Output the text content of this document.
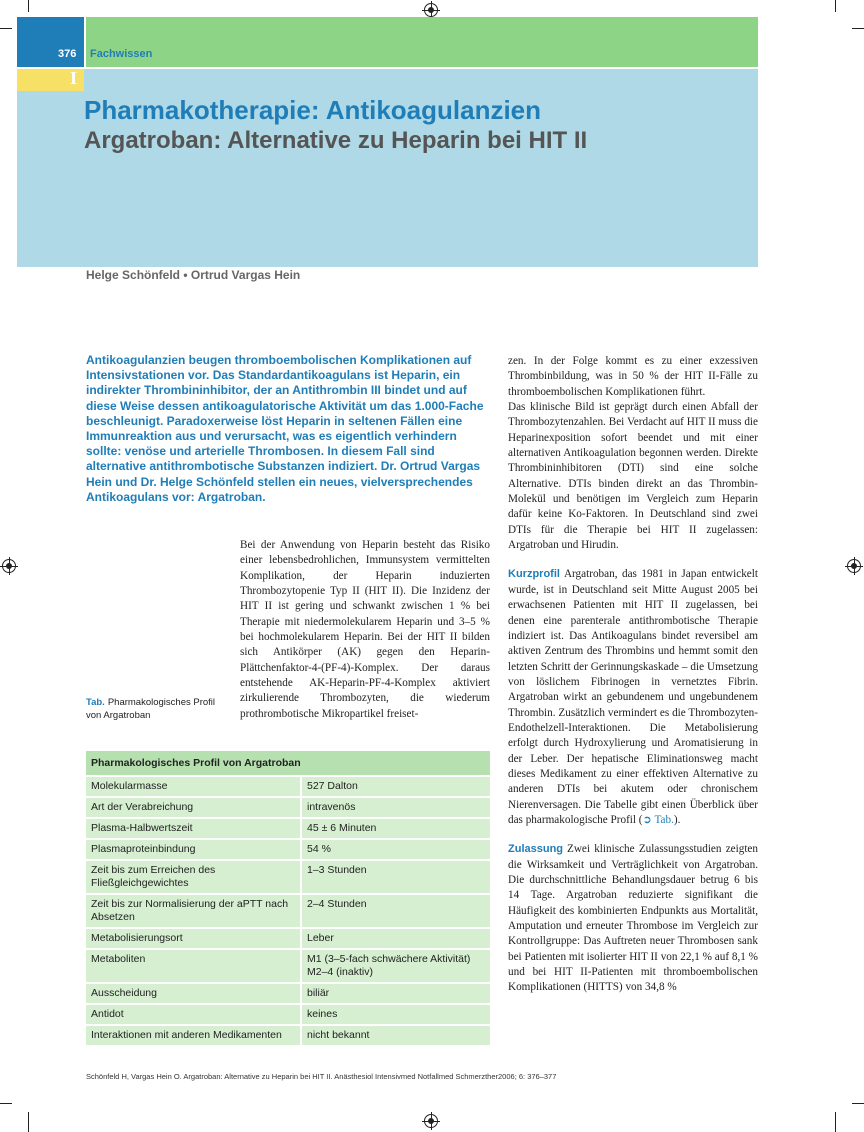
376 Fachwissen
I
Pharmakotherapie: Antikoagulanzien
Argatroban: Alternative zu Heparin bei HIT II
Helge Schönfeld • Ortrud Vargas Hein
Antikoagulanzien beugen thromboembolischen Komplikationen auf Intensivstationen vor. Das Standardantikoagulans ist Heparin, ein indirekter Thrombininhibitor, der an Antithrombin III bindet und auf diese Weise dessen antikoagulatorische Aktivität um das 1.000-Fache beschleunigt. Paradoxerweise löst Heparin in seltenen Fällen eine Immunreaktion aus und verursacht, was es eigentlich verhindern sollte: venöse und arterielle Thrombosen. In diesem Fall sind alternative antithrombotische Substanzen indiziert. Dr. Ortrud Vargas Hein und Dr. Helge Schönfeld stellen ein neues, vielversprechendes Antikoagulans vor: Argatroban.
Bei der Anwendung von Heparin besteht das Risiko einer lebensbedrohlichen, Immunsystem vermittelten Komplikation, der Heparin induzierten Thrombozytopenie Typ II (HIT II). Die Inzidenz der HIT II ist gering und schwankt zwischen 1 % bei Therapie mit niedermolekularem Heparin und 3–5 % bei hochmolekularem Heparin. Bei der HIT II bilden sich Antikörper (AK) gegen den Heparin-Plättchenfaktor-4-(PF-4)-Komplex. Der daraus entstehende AK-Heparin-PF-4-Komplex aktiviert zirkulierende Thrombozyten, die wiederum prothrombotische Mikropartikel freiset-

zen. In der Folge kommt es zu einer exzessiven Thrombinbildung, was in 50 % der HIT II-Fälle zu thromboembolischen Komplikationen führt.

Das klinische Bild ist geprägt durch einen Abfall der Thrombozytenzahlen. Bei Verdacht auf HIT II muss die Heparinexposition sofort beendet und mit einer alternativen Antikoagulation begonnen werden. Direkte Thrombininhibitoren (DTI) sind eine solche Alternative. DTIs binden direkt an das Thrombin-Molekül und benötigen im Vergleich zum Heparin dafür keine Ko-Faktoren. In Deutschland sind zwei DTIs für die Therapie bei HIT II zugelassen: Argatroban und Hirudin.

Kurzprofil Argatroban, das 1981 in Japan entwickelt wurde, ist in Deutschland seit Mitte August 2005 bei erwachsenen Patienten mit HIT II zugelassen, bei denen eine parenterale antithrombotische Therapie indiziert ist. Das Antikoagulans bindet reversibel am aktiven Zentrum des Thrombins und hemmt somit den letzten Schritt der Gerinnungskaskade – die Umsetzung von löslichem Fibrinogen in vernetztes Fibrin. Argatroban wirkt an gebundenem und ungebundenem Thrombin. Zusätzlich vermindert es die Thrombozyten-Endothelzell-Interaktionen. Die Metabolisierung erfolgt durch Hydroxylierung und Aromatisierung in der Leber. Der hepatische Eliminationsweg macht dieses Medikament zu einer effektiven Alternative zu anderen DTIs bei akutem oder chronischem Nierenversagen. Die Tabelle gibt einen Überblick über das pharmakologische Profil (➲ Tab.).

Zulassung Zwei klinische Zulassungsstudien zeigten die Wirksamkeit und Verträglichkeit von Argatroban. Die durchschnittliche Behandlungsdauer betrug 6 bis 14 Tage. Argatroban reduzierte signifikant die Häufigkeit des kombinierten Endpunkts aus Mortalität, Amputation und erneuter Thrombose im Vergleich zur Kontrollgruppe: Das Auftreten neuer Thrombosen sank bei Patienten mit isolierter HIT II von 22,1 % auf 8,1 % und bei HIT II-Patienten mit thromboembolischen Komplikationen (HITTS) von 34,8 %

Tab. Pharmakologisches Profil von Argatroban
Pharmakologisches Profil von Argatroban	
Molekularmasse	527 Dalton
Art der Verabreichung	intravenös
Plasma-Halbwertszeit	45 ± 6 Minuten
Plasmaproteinbindung	54 %
Zeit bis zum Erreichen des Fließgleichgewichtes	1–3 Stunden
Zeit bis zur Normalisierung der aPTT nach Absetzen	2–4 Stunden
Metabolisierungsort	Leber
Metaboliten	M1 (3–5-fach schwächere Aktivität)
M2–4 (inaktiv)
Ausscheidung	biliär
Antidot	keines
Interaktionen mit anderen Medikamenten	nicht bekannt
Schönfeld H, Vargas Hein O. Argatroban: Alternative zu Heparin bei HIT II. Anästhesiol Intensivmed Notfallmed Schmerzther2006; 6: 376–377
